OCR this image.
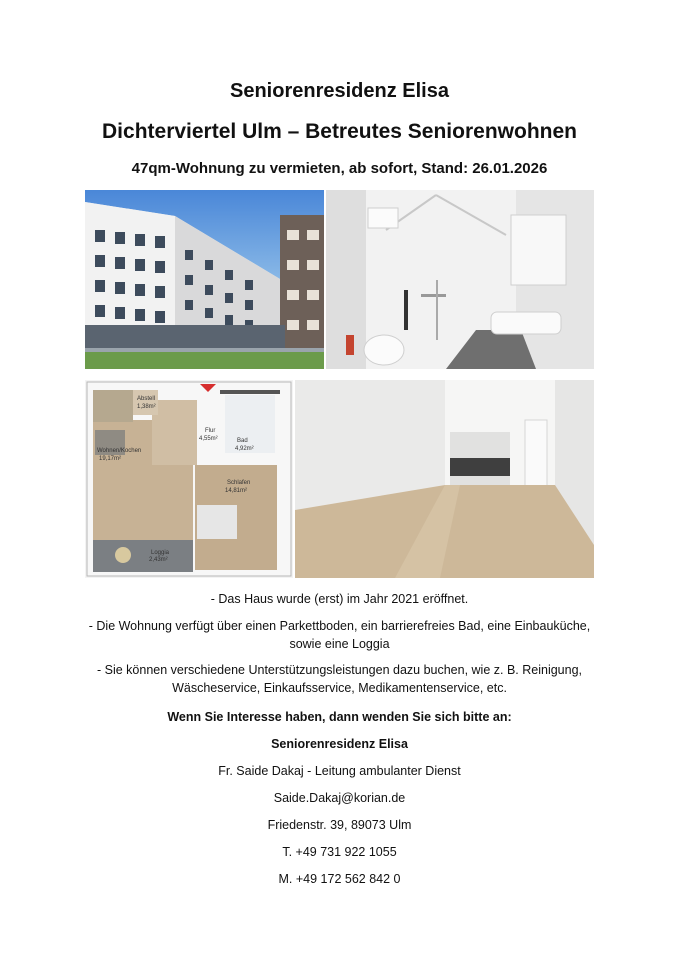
Seniorenresidenz Elisa
Dichterviertel Ulm – Betreutes Seniorenwohnen
47qm-Wohnung zu vermieten, ab sofort, Stand: 26.01.2026
Abstell
1,38m²
Flur
4,55m²	Bad
4,92m²
Wohnen/Kochen
19,17m²
Schlafen
14,81m²
Loggia
2,43m²
- Das Haus wurde (erst) im Jahr 2021 eröffnet.
- Die Wohnung verfügt über einen Parkettboden, ein barrierefreies Bad, eine Einbauküche,
sowie eine Loggia
- Sie können verschiedene Unterstützungsleistungen dazu buchen, wie z. B. Reinigung,
Wäscheservice, Einkaufsservice, Medikamentenservice, etc.
Wenn Sie Interesse haben, dann wenden Sie sich bitte an:
Seniorenresidenz Elisa
Fr. Saide Dakaj - Leitung ambulanter Dienst
Saide.Dakaj@korian.de
Friedenstr. 39, 89073 Ulm
T. +49 731 922 1055
M. +49 172 562 842 0
